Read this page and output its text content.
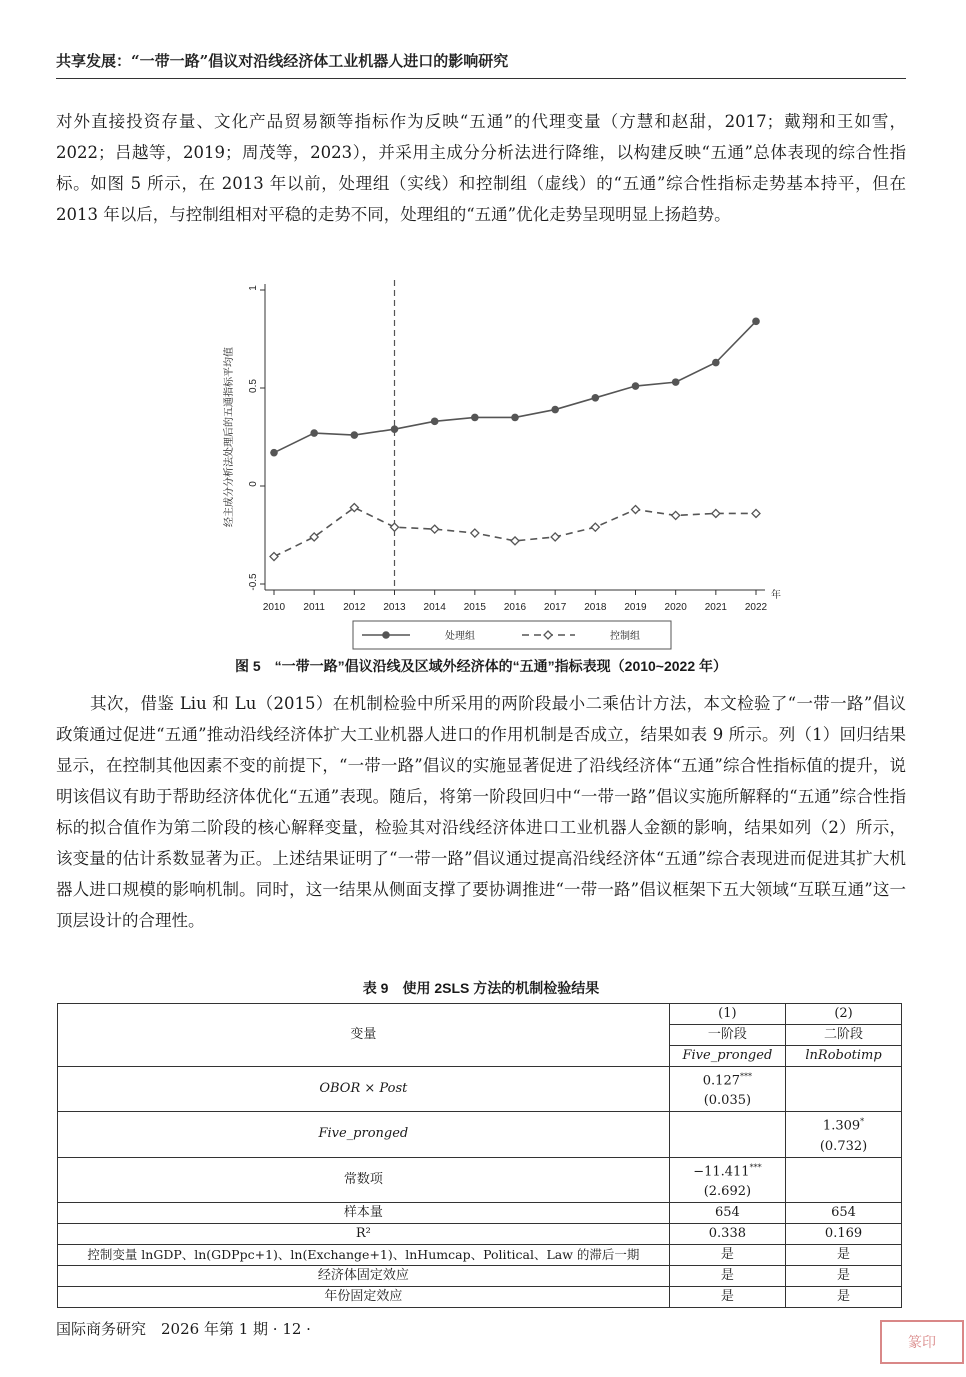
共享发展：“一带一路”倡议对沿线经济体工业机器人进口的影响研究
对外直接投资存量、文化产品贸易额等指标作为反映“五通”的代理变量（方慧和赵甜，2017；戴翔和王如雪，2022；吕越等，2019；周茂等，2023），并采用主成分分析法进行降维，以构建反映“五通”总体表现的综合性指标。如图 5 所示，在 2013 年以前，处理组（实线）和控制组（虚线）的“五通”综合性指标走势基本持平，但在 2013 年以后，与控制组相对平稳的走势不同，处理组的“五通”优化走势呈现明显上扬趋势。
-0.5
0
0.5
1
2010 2011 2012 2013 2014 2015 2016 2017 2018 2019 2020 2021 2022
年
经主成分分析法处理后的五通指标平均值
处理组	控制组
图 5　“一带一路”倡议沿线及区域外经济体的“五通”指标表现（2010~2022 年）
其次，借鉴 Liu 和 Lu（2015）在机制检验中所采用的两阶段最小二乘估计方法，本文检验了“一带一路”倡议政策通过促进“五通”推动沿线经济体扩大工业机器人进口的作用机制是否成立，结果如表 9 所示。列（1）回归结果显示，在控制其他因素不变的前提下，“一带一路”倡议的实施显著促进了沿线经济体“五通”综合性指标值的提升，说明该倡议有助于帮助经济体优化“五通”表现。随后，将第一阶段回归中“一带一路”倡议实施所解释的“五通”综合性指标的拟合值作为第二阶段的核心解释变量，检验其对沿线经济体进口工业机器人金额的影响，结果如列（2）所示，该变量的估计系数显著为正。上述结果证明了“一带一路”倡议通过提高沿线经济体“五通”综合表现进而促进其扩大机器人进口规模的影响机制。同时，这一结果从侧面支撑了要协调推进“一带一路”倡议框架下五大领域“互联互通”这一顶层设计的合理性。
表 9　使用 2SLS 方法的机制检验结果
变量	(1)	(2)
	一阶段	二阶段
	Five_pronged	lnRobotimp
OBOR × Post	0.127***
(0.035)	

Five_pronged		1.309*
(0.732)

常数项	−11.411***
(2.692)	

样本量	654	654
R²	0.338	0.169
控制变量 lnGDP、ln(GDPpc+1)、ln(Exchange+1)、lnHumcap、Political、Law 的滞后一期	是	是
经济体固定效应	是	是
年份固定效应	是	是
国际商务研究　2026 年第 1 期 · 12 ·
篆印
